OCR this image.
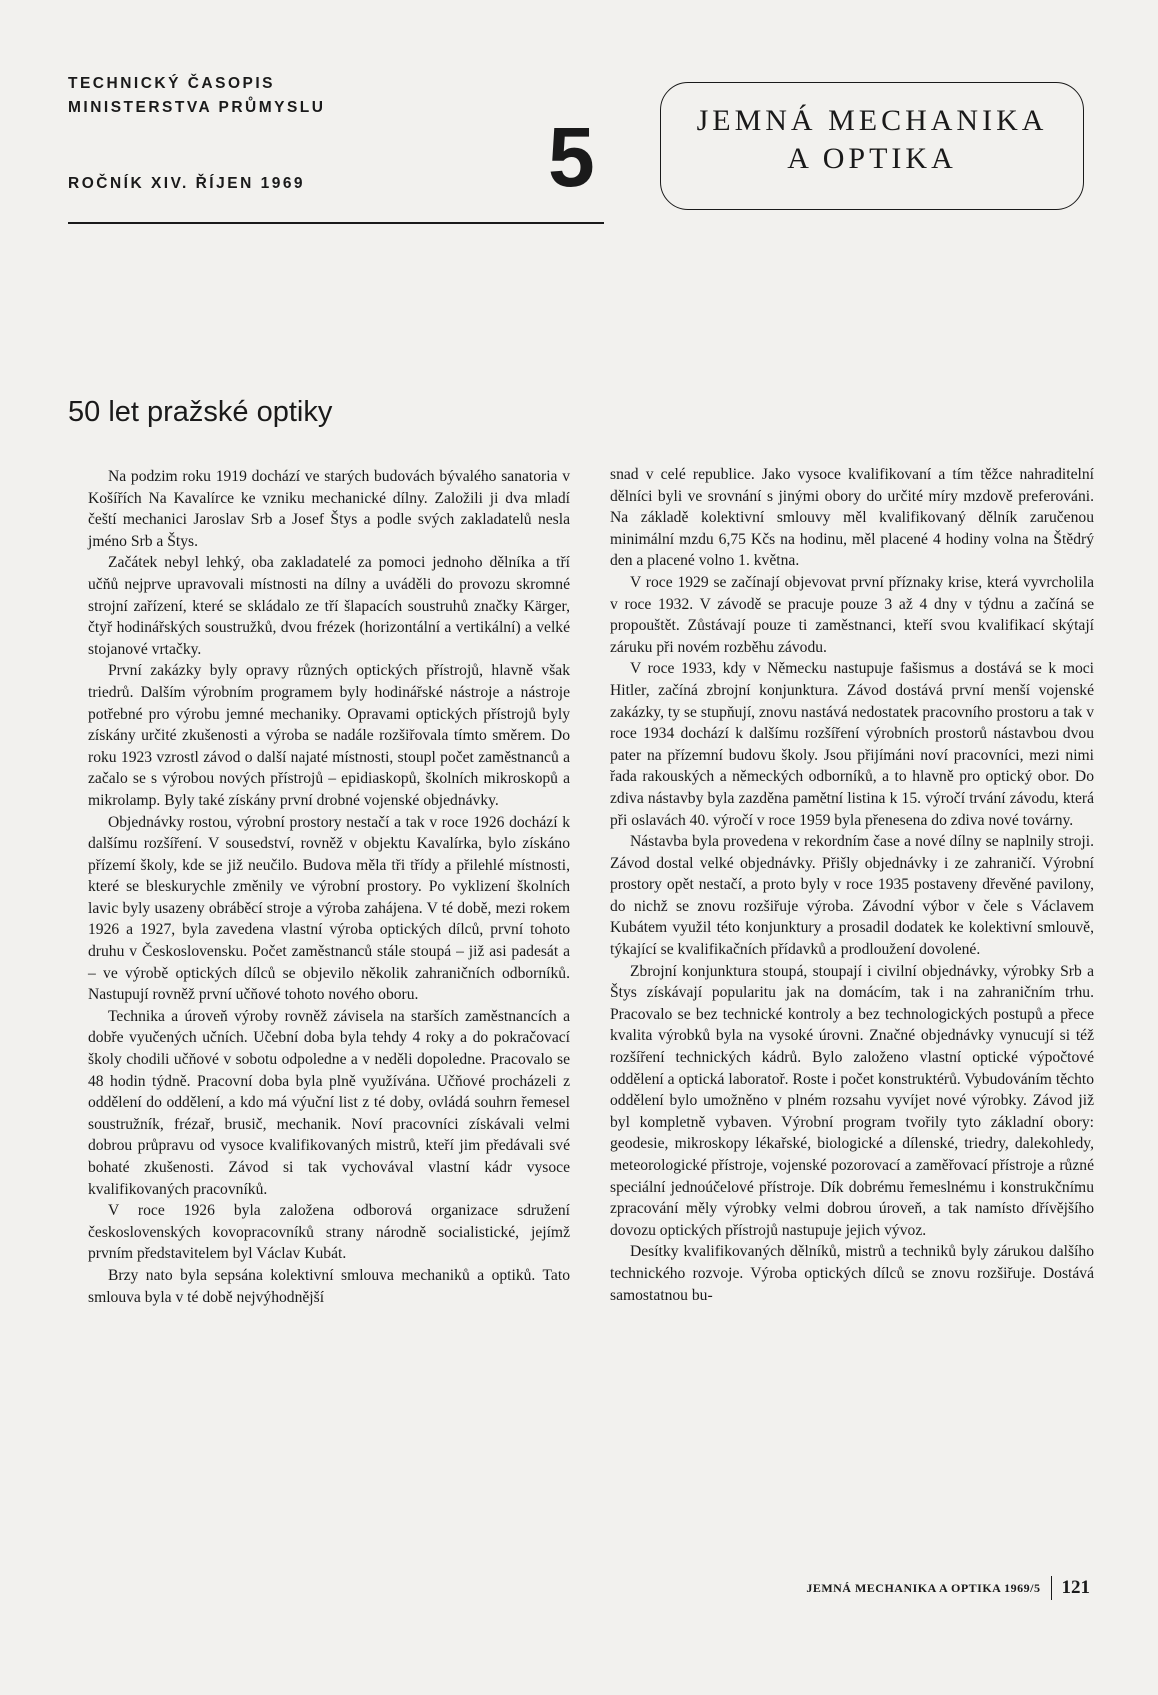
TECHNICKÝ ČASOPIS
MINISTERSTVA PRŮMYSLU
ROČNÍK XIV. ŘÍJEN 1969	5	JEMNÁ MECHANIKA
A OPTIKA
50 let pražské optiky

Na podzim roku 1919 dochází ve starých budovách bývalého sanatoria v Košířích Na Kavalírce ke vzniku mechanické dílny. Založili ji dva mladí čeští mechanici Jaroslav Srb a Josef Štys a podle svých zakladatelů nesla jméno Srb a Štys.

Začátek nebyl lehký, oba zakladatelé za pomoci jednoho dělníka a tří učňů nejprve upravovali místnosti na dílny a uváděli do provozu skromné strojní zařízení, které se skládalo ze tří šlapacích soustruhů značky Kärger, čtyř hodinářských soustružků, dvou frézek (horizontální a vertikální) a velké stojanové vrtačky.

První zakázky byly opravy různých optických přístrojů, hlavně však triedrů. Dalším výrobním programem byly hodinářské nástroje a nástroje potřebné pro výrobu jemné mechaniky. Opravami optických přístrojů byly získány určité zkušenosti a výroba se nadále rozšiřovala tímto směrem. Do roku 1923 vzrostl závod o další najaté místnosti, stoupl počet zaměstnanců a začalo se s výrobou nových přístrojů – epidiaskopů, školních mikroskopů a mikrolamp. Byly také získány první drobné vojenské objednávky.

Objednávky rostou, výrobní prostory nestačí a tak v roce 1926 dochází k dalšímu rozšíření. V sousedství, rovněž v objektu Kavalírka, bylo získáno přízemí školy, kde se již neučilo. Budova měla tři třídy a přilehlé místnosti, které se bleskurychle změnily ve výrobní prostory. Po vyklizení školních lavic byly usazeny obráběcí stroje a výroba zahájena. V té době, mezi rokem 1926 a 1927, byla zavedena vlastní výroba optických dílců, první tohoto druhu v Československu. Počet zaměstnanců stále stoupá – již asi padesát a – ve výrobě optických dílců se objevilo několik zahraničních odborníků. Nastupují rovněž první učňové tohoto nového oboru.

Technika a úroveň výroby rovněž závisela na starších zaměstnancích a dobře vyučených učních. Učební doba byla tehdy 4 roky a do pokračovací školy chodili učňové v sobotu odpoledne a v neděli dopoledne. Pracovalo se 48 hodin týdně. Pracovní doba byla plně využívána. Učňové procházeli z oddělení do oddělení, a kdo má výuční list z té doby, ovládá souhrn řemesel soustružník, frézař, brusič, mechanik. Noví pracovníci získávali velmi dobrou průpravu od vysoce kvalifikovaných mistrů, kteří jim předávali své bohaté zkušenosti. Závod si tak vychovával vlastní kádr vysoce kvalifikovaných pracovníků.

V roce 1926 byla založena odborová organizace sdružení československých kovopracovníků strany národně socialistické, jejímž prvním představitelem byl Václav Kubát.

Brzy nato byla sepsána kolektivní smlouva mechaniků a optiků. Tato smlouva byla v té době nejvýhodnější

snad v celé republice. Jako vysoce kvalifikovaní a tím těžce nahraditelní dělníci byli ve srovnání s jinými obory do určité míry mzdově preferováni. Na základě kolektivní smlouvy měl kvalifikovaný dělník zaručenou minimální mzdu 6,75 Kčs na hodinu, měl placené 4 hodiny volna na Štědrý den a placené volno 1. května.

V roce 1929 se začínají objevovat první příznaky krise, která vyvrcholila v roce 1932. V závodě se pracuje pouze 3 až 4 dny v týdnu a začíná se propouštět. Zůstávají pouze ti zaměstnanci, kteří svou kvalifikací skýtají záruku při novém rozběhu závodu.

V roce 1933, kdy v Německu nastupuje fašismus a dostává se k moci Hitler, začíná zbrojní konjunktura. Závod dostává první menší vojenské zakázky, ty se stupňují, znovu nastává nedostatek pracovního prostoru a tak v roce 1934 dochází k dalšímu rozšíření výrobních prostorů nástavbou dvou pater na přízemní budovu školy. Jsou přijímáni noví pracovníci, mezi nimi řada rakouských a německých odborníků, a to hlavně pro optický obor. Do zdiva nástavby byla zazděna pamětní listina k 15. výročí trvání závodu, která při oslavách 40. výročí v roce 1959 byla přenesena do zdiva nové továrny.

Nástavba byla provedena v rekordním čase a nové dílny se naplnily stroji. Závod dostal velké objednávky. Přišly objednávky i ze zahraničí. Výrobní prostory opět nestačí, a proto byly v roce 1935 postaveny dřevěné pavilony, do nichž se znovu rozšiřuje výroba. Závodní výbor v čele s Václavem Kubátem využil této konjunktury a prosadil dodatek ke kolektivní smlouvě, týkající se kvalifikačních přídavků a prodloužení dovolené.

Zbrojní konjunktura stoupá, stoupají i civilní objednávky, výrobky Srb a Štys získávají popularitu jak na domácím, tak i na zahraničním trhu. Pracovalo se bez technické kontroly a bez technologických postupů a přece kvalita výrobků byla na vysoké úrovni. Značné objednávky vynucují si též rozšíření technických kádrů. Bylo založeno vlastní optické výpočtové oddělení a optická laboratoř. Roste i počet konstruktérů. Vybudováním těchto oddělení bylo umožněno v plném rozsahu vyvíjet nové výrobky. Závod již byl kompletně vybaven. Výrobní program tvořily tyto základní obory: geodesie, mikroskopy lékařské, biologické a dílenské, triedry, dalekohledy, meteorologické přístroje, vojenské pozorovací a zaměřovací přístroje a různé speciální jednoúčelové přístroje. Dík dobrému řemeslnému i konstrukčnímu zpracování měly výrobky velmi dobrou úroveň, a tak namísto dřívějšího dovozu optických přístrojů nastupuje jejich vývoz.

Desítky kvalifikovaných dělníků, mistrů a techniků byly zárukou dalšího technického rozvoje. Výroba optických dílců se znovu rozšiřuje. Dostává samostatnou bu-

JEMNÁ MECHANIKA A OPTIKA 1969/5	121
